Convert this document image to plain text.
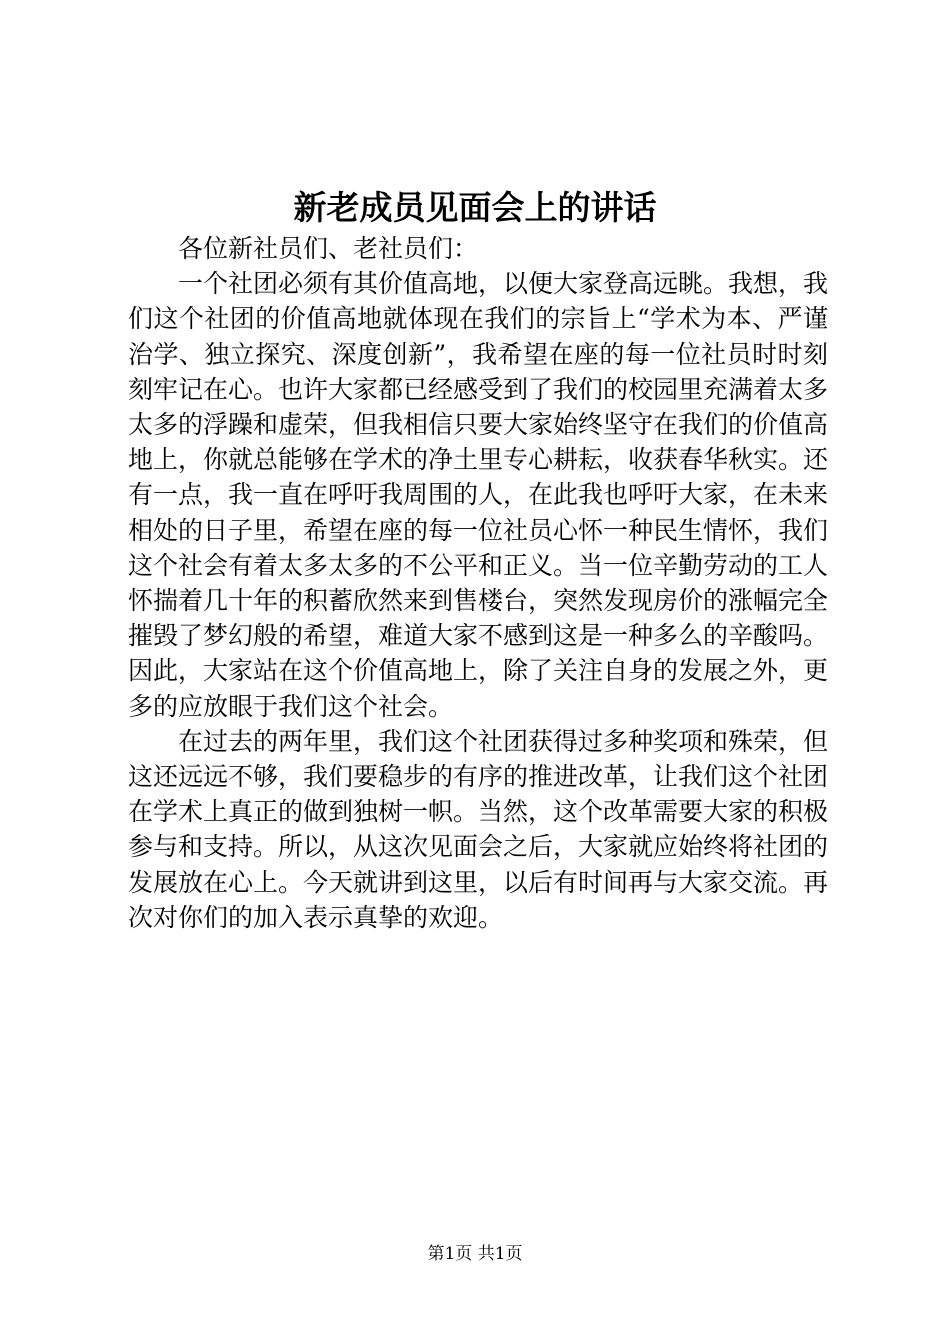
新老成员见面会上的讲话

各位新社员们、老社员们：

一个社团必须有其价值高地，以便大家登高远眺。我想，我们这个社团的价值高地就体现在我们的宗旨上“学术为本、严谨治学、独立探究、深度创新”，我希望在座的每一位社员时时刻刻牢记在心。也许大家都已经感受到了我们的校园里充满着太多太多的浮躁和虚荣，但我相信只要大家始终坚守在我们的价值高地上，你就总能够在学术的净土里专心耕耘，收获春华秋实。还有一点，我一直在呼吁我周围的人，在此我也呼吁大家，在未来相处的日子里，希望在座的每一位社员心怀一种民生情怀，我们这个社会有着太多太多的不公平和正义。当一位辛勤劳动的工人怀揣着几十年的积蓄欣然来到售楼台，突然发现房价的涨幅完全摧毁了梦幻般的希望，难道大家不感到这是一种多么的辛酸吗。因此，大家站在这个价值高地上，除了关注自身的发展之外，更多的应放眼于我们这个社会。

在过去的两年里，我们这个社团获得过多种奖项和殊荣，但这还远远不够，我们要稳步的有序的推进改革，让我们这个社团在学术上真正的做到独树一帜。当然，这个改革需要大家的积极参与和支持。所以，从这次见面会之后，大家就应始终将社团的发展放在心上。今天就讲到这里，以后有时间再与大家交流。再次对你们的加入表示真挚的欢迎。

第1页 共1页
